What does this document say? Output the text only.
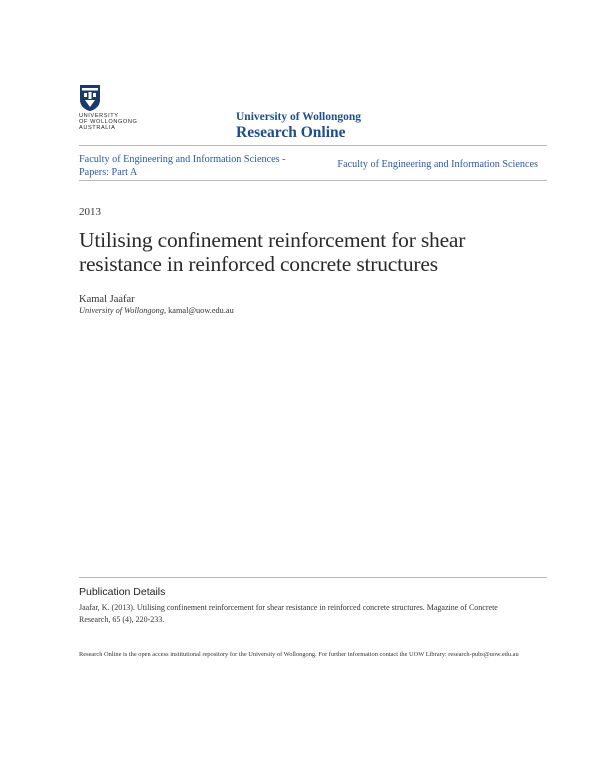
UNIVERSITY
OF WOLLONGONG
AUSTRALIA
University of Wollongong
Research Online
Faculty of Engineering and Information Sciences - Papers: Part A
Faculty of Engineering and Information Sciences
2013
Utilising confinement reinforcement for shear resistance in reinforced concrete structures
Kamal Jaafar
University of Wollongong, kamal@uow.edu.au
Publication Details
Jaafar, K. (2013). Utilising confinement reinforcement for shear resistance in reinforced concrete structures. Magazine of Concrete Research, 65 (4), 220-233.
Research Online is the open access institutional repository for the University of Wollongong. For further information contact the UOW Library: research-pubs@uow.edu.au
